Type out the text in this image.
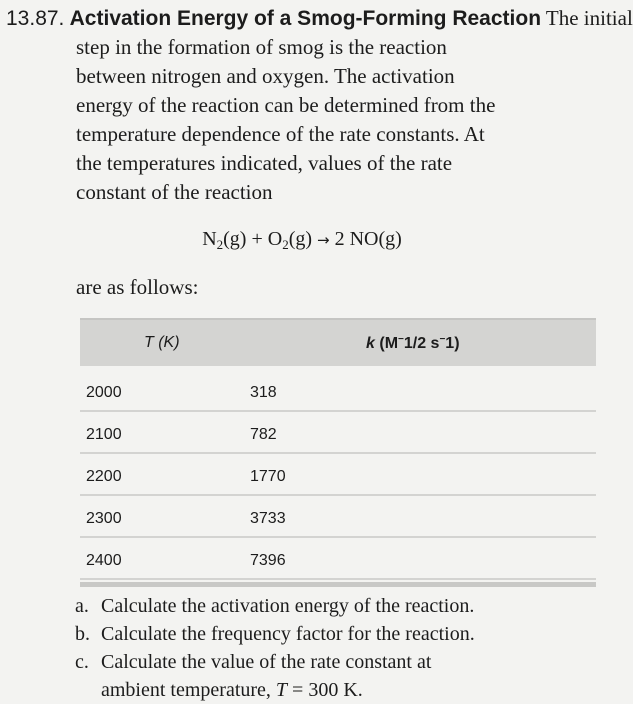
13.87. Activation Energy of a Smog-Forming Reaction The initial
step in the formation of smog is the reaction
between nitrogen and oxygen. The activation
energy of the reaction can be determined from the
temperature dependence of the rate constants. At
the temperatures indicated, values of the rate
constant of the reaction
$N_2(g) + O_2(g) \to 2$ NO(g)
are as follows:
T (K)	k (M−1/2 s−1)
2000	318
2100	782
2200	1770
2300	3733
2400	7396
a. Calculate the activation energy of the reaction.
b. Calculate the frequency factor for the reaction.
c. Calculate the value of the rate constant at
ambient temperature, T = 300 K.
